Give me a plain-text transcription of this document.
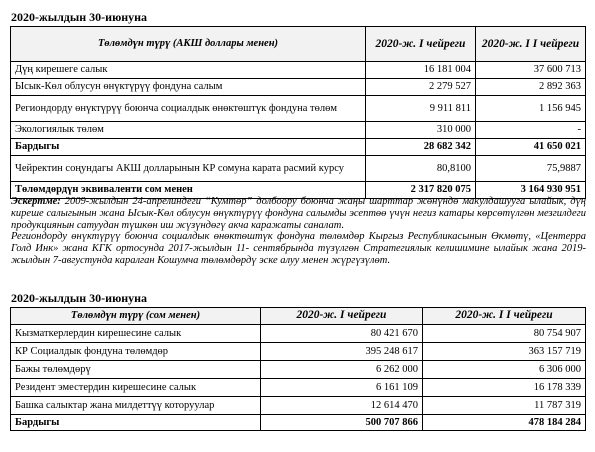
2020-жылдын 30-июнуна
Төлөмдүн түрү (АКШ доллары менен)	2020-ж. I чейреги	2020-ж. I I чейреги
Дүң кирешеге салык	16 181 004	37 600 713
Ысык-Көл облусун өнүктүрүү фондуна салым	2 279 527	2 892 363
Региондорду өнүктүрүү боюнча социалдык өнөктөштүк фондуна төлөм	9 911 811	1 156 945
Экологиялык төлөм	310 000	-
Бардыгы	28 682 342	41 650 021
Чейректин соңундагы АКШ долларынын КР сомуна карата расмий курсу	80,8100	75,9887
Төлөмдөрдүн эквиваленти сом менен	2 317 820 075	3 164 930 951

Эскертме: 2009-жылдын 24-апрелиндеги “Кумтөр” долбоору боюнча жаңы шарттар жөнүндө макулдашууга ылайык, дүң киреше салыгынын жана Ысык-Көл облусун өнүктүрүү фондуна салымды эсептөө үчүн негиз катары көрсөтүлгөн мезгилдеги продукциянын сатуудан түшкөн иш жүзүндөгү акча каражаты саналат.

Региондорду өнүктүрүү боюнча социалдык өнөктөштүк фондуна төлөмдөр Кыргыз Республикасынын Өкмөтү, «Центерра Голд Инк» жана КГК ортосунда 2017-жылдын 11- сентябрында түзүлгөн Стратегиялык келишимине ылайык жана 2019-жылдын 7-августунда каралган Кошумча төлөмдөрдү эске алуу менен жүргүзүлөт.

2020-жылдын 30-июнуна
Төлөмдүн түрү (сом менен)	2020-ж. I чейреги	2020-ж. I I чейреги
Кызматкерлердин кирешесине салык	80 421 670	80 754 907
КР Социалдык фондуна төлөмдөр	395 248 617	363 157 719
Бажы төлөмдөрү	6 262 000	6 306 000
Резидент эместердин кирешесине салык	6 161 109	16 178 339
Башка салыктар жана милдеттүү которуулар	12 614 470	11 787 319
Бардыгы	500 707 866	478 184 284
